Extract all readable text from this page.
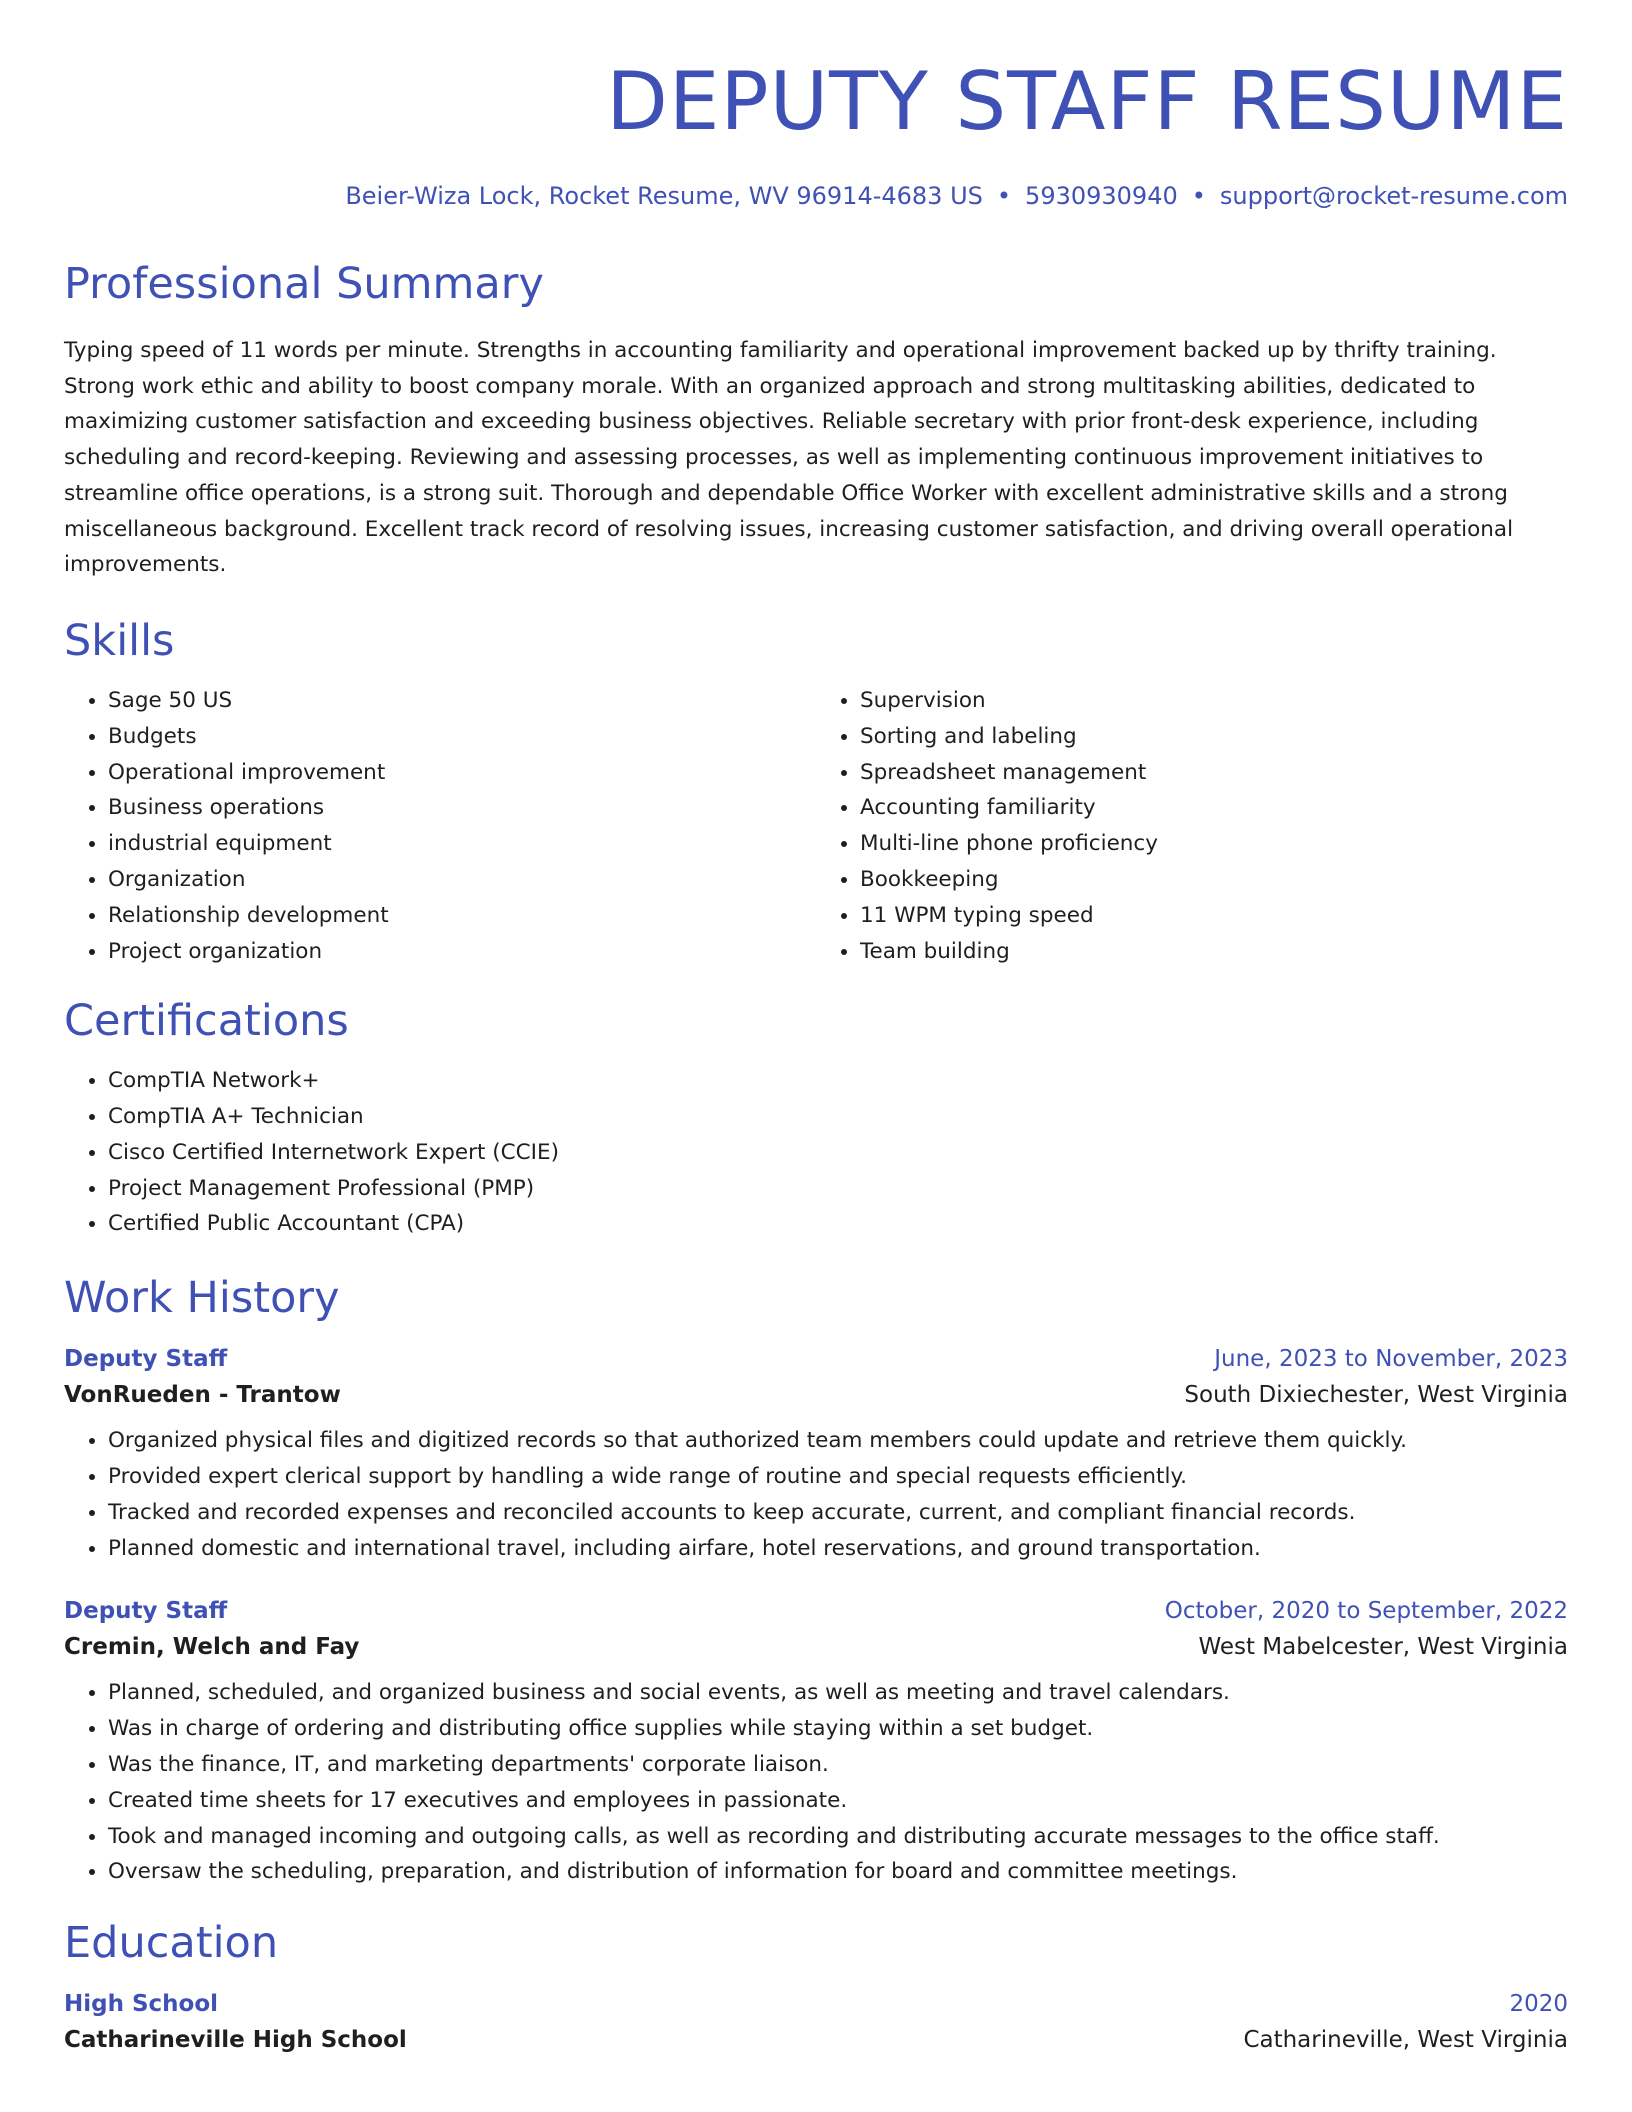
DEPUTY STAFF RESUME
Beier-Wiza Lock, Rocket Resume, WV 96914-4683 US • 5930930940 • support@rocket-resume.com
Professional Summary
Typing speed of 11 words per minute. Strengths in accounting familiarity and operational improvement backed up by thrifty training. Strong work ethic and ability to boost company morale. With an organized approach and strong multitasking abilities, dedicated to maximizing customer satisfaction and exceeding business objectives. Reliable secretary with prior front-desk experience, including scheduling and record-keeping. Reviewing and assessing processes, as well as implementing continuous improvement initiatives to streamline office operations, is a strong suit. Thorough and dependable Office Worker with excellent administrative skills and a strong miscellaneous background. Excellent track record of resolving issues, increasing customer satisfaction, and driving overall operational improvements.
Skills
• Sage 50 US
• Budgets
• Operational improvement
• Business operations
• industrial equipment
• Organization
• Relationship development
• Project organization
• Supervision
• Sorting and labeling
• Spreadsheet management
• Accounting familiarity
• Multi-line phone proficiency
• Bookkeeping
• 11 WPM typing speed
• Team building
Certifications
• CompTIA Network+
• CompTIA A+ Technician
• Cisco Certified Internetwork Expert (CCIE)
• Project Management Professional (PMP)
• Certified Public Accountant (CPA)
Work History
Deputy Staff	June, 2023 to November, 2023
VonRueden - Trantow	South Dixiechester, West Virginia
• Organized physical files and digitized records so that authorized team members could update and retrieve them quickly.
• Provided expert clerical support by handling a wide range of routine and special requests efficiently.
• Tracked and recorded expenses and reconciled accounts to keep accurate, current, and compliant financial records.
• Planned domestic and international travel, including airfare, hotel reservations, and ground transportation.
Deputy Staff	October, 2020 to September, 2022
Cremin, Welch and Fay	West Mabelcester, West Virginia
• Planned, scheduled, and organized business and social events, as well as meeting and travel calendars.
• Was in charge of ordering and distributing office supplies while staying within a set budget.
• Was the finance, IT, and marketing departments' corporate liaison.
• Created time sheets for 17 executives and employees in passionate.
• Took and managed incoming and outgoing calls, as well as recording and distributing accurate messages to the office staff.
• Oversaw the scheduling, preparation, and distribution of information for board and committee meetings.
Education
High School	2020
Catharineville High School	Catharineville, West Virginia
